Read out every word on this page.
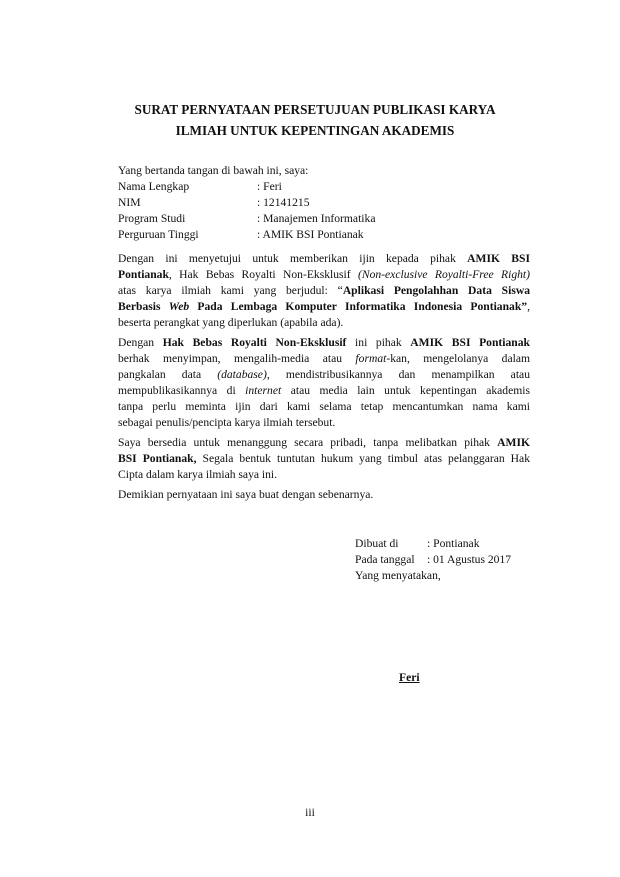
SURAT PERNYATAAN PERSETUJUAN PUBLIKASI KARYA
ILMIAH UNTUK KEPENTINGAN AKADEMIS
Yang bertanda tangan di bawah ini, saya:
Nama Lengkap	: Feri
NIM	: 12141215
Program Studi	: Manajemen Informatika
Perguruan Tinggi	: AMIK BSI Pontianak
Dengan ini menyetujui untuk memberikan ijin kepada pihak AMIK BSI
Pontianak, Hak Bebas Royalti Non-Eksklusif (Non-exclusive Royalti-Free Right)
atas karya ilmiah kami yang berjudul: “Aplikasi Pengolahhan Data Siswa
Berbasis Web Pada Lembaga Komputer Informatika Indonesia Pontianak”,
beserta perangkat yang diperlukan (apabila ada).
Dengan Hak Bebas Royalti Non-Eksklusif ini pihak AMIK BSI Pontianak
berhak menyimpan, mengalih-media atau format-kan, mengelolanya dalam
pangkalan data (database), mendistribusikannya dan menampilkan atau
mempublikasikannya di internet atau media lain untuk kepentingan akademis
tanpa perlu meminta ijin dari kami selama tetap mencantumkan nama kami
sebagai penulis/pencipta karya ilmiah tersebut.
Saya bersedia untuk menanggung secara pribadi, tanpa melibatkan pihak AMIK
BSI Pontianak, Segala bentuk tuntutan hukum yang timbul atas pelanggaran Hak
Cipta dalam karya ilmiah saya ini.
Demikian pernyataan ini saya buat dengan sebenarnya.
Dibuat di	: Pontianak
Pada tanggal	: 01 Agustus 2017
Yang menyatakan,
Feri
iii
